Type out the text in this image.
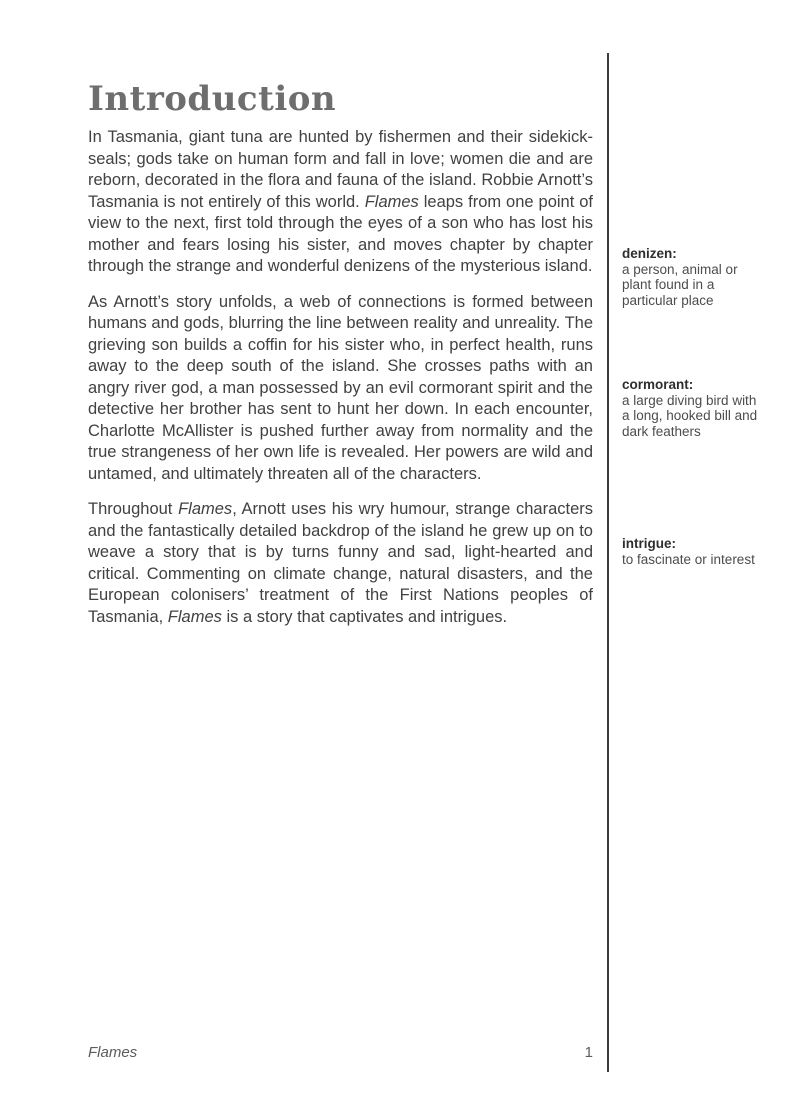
Introduction

In Tasmania, giant tuna are hunted by fishermen and their sidekick-seals; gods take on human form and fall in love; women die and are reborn, decorated in the flora and fauna of the island. Robbie Arnott’s Tasmania is not entirely of this world. Flames leaps from one point of view to the next, first told through the eyes of a son who has lost his mother and fears losing his sister, and moves chapter by chapter through the strange and wonderful denizens of the mysterious island.

As Arnott’s story unfolds, a web of connections is formed between humans and gods, blurring the line between reality and unreality. The grieving son builds a coffin for his sister who, in perfect health, runs away to the deep south of the island. She crosses paths with an angry river god, a man possessed by an evil cormorant spirit and the detective her brother has sent to hunt her down. In each encounter, Charlotte McAllister is pushed further away from normality and the true strangeness of her own life is revealed. Her powers are wild and untamed, and ultimately threaten all of the characters.

Throughout Flames, Arnott uses his wry humour, strange characters and the fantastically detailed backdrop of the island he grew up on to weave a story that is by turns funny and sad, light-hearted and critical. Commenting on climate change, natural disasters, and the European colonisers’ treatment of the First Nations peoples of Tasmania, Flames is a story that captivates and intrigues.

denizen:
a person, animal or plant found in a particular place
cormorant:
a large diving bird with a long, hooked bill and dark feathers
intrigue:
to fascinate or interest
Flames	1
